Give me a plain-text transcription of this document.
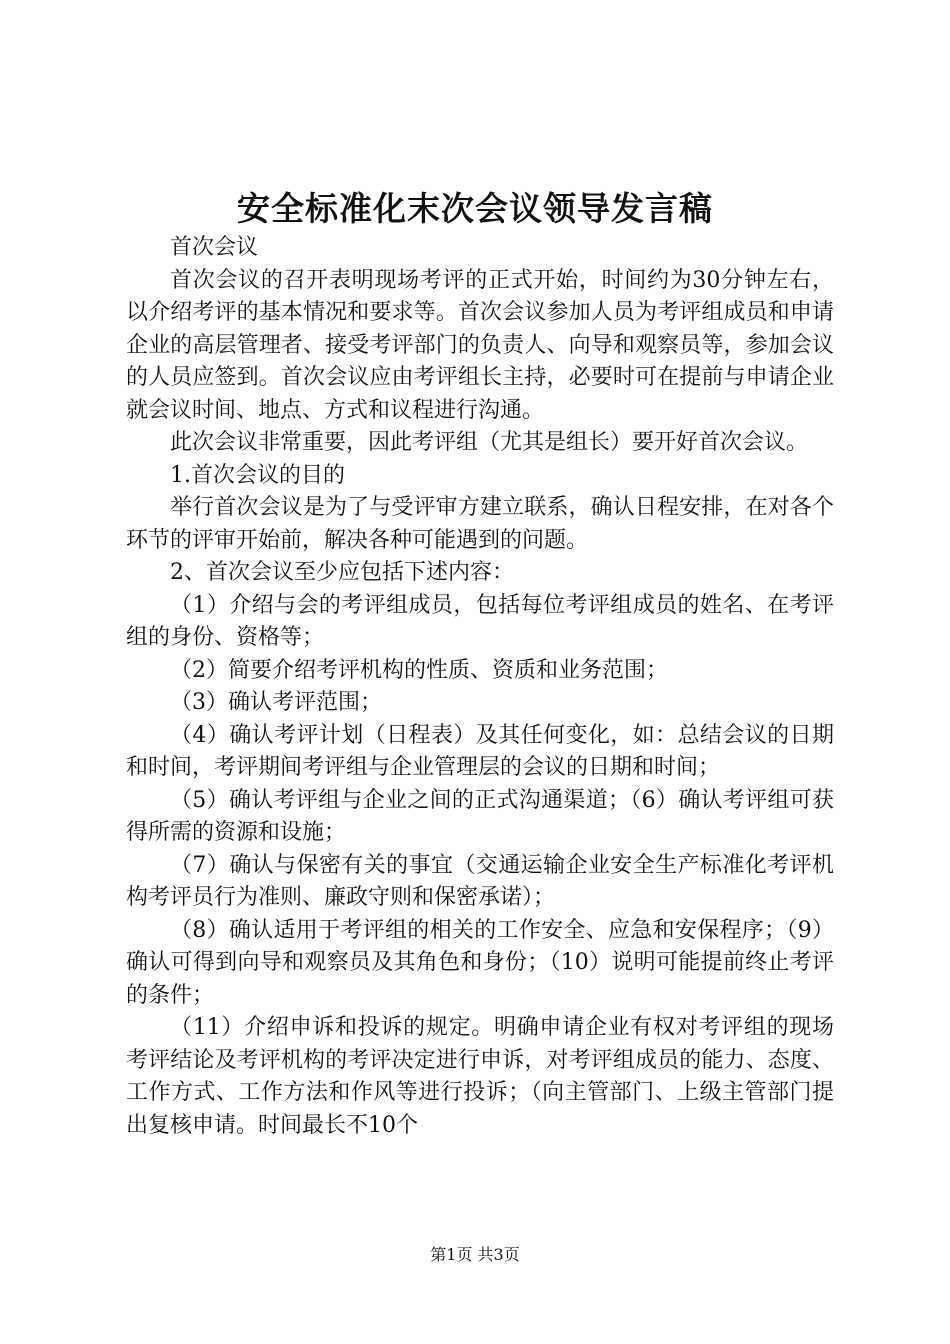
安全标准化末次会议领导发言稿

首次会议

首次会议的召开表明现场考评的正式开始，时间约为30分钟左右，以介绍考评的基本情况和要求等。首次会议参加人员为考评组成员和申请企业的高层管理者、接受考评部门的负责人、向导和观察员等，参加会议的人员应签到。首次会议应由考评组长主持，必要时可在提前与申请企业就会议时间、地点、方式和议程进行沟通。

此次会议非常重要，因此考评组（尤其是组长）要开好首次会议。

1.首次会议的目的

举行首次会议是为了与受评审方建立联系，确认日程安排，在对各个环节的评审开始前，解决各种可能遇到的问题。

2、首次会议至少应包括下述内容：

（1）介绍与会的考评组成员，包括每位考评组成员的姓名、在考评组的身份、资格等；

（2）简要介绍考评机构的性质、资质和业务范围；

（3）确认考评范围；

（4）确认考评计划（日程表）及其任何变化，如：总结会议的日期和时间，考评期间考评组与企业管理层的会议的日期和时间；

（5）确认考评组与企业之间的正式沟通渠道；（6）确认考评组可获得所需的资源和设施；

（7）确认与保密有关的事宜（交通运输企业安全生产标准化考评机构考评员行为准则、廉政守则和保密承诺）；

（8）确认适用于考评组的相关的工作安全、应急和安保程序；（9）确认可得到向导和观察员及其角色和身份；（10）说明可能提前终止考评的条件；

（11）介绍申诉和投诉的规定。明确申请企业有权对考评组的现场考评结论及考评机构的考评决定进行申诉，对考评组成员的能力、态度、工作方式、工作方法和作风等进行投诉；（向主管部门、上级主管部门提出复核申请。时间最长不10个

第1页 共3页
